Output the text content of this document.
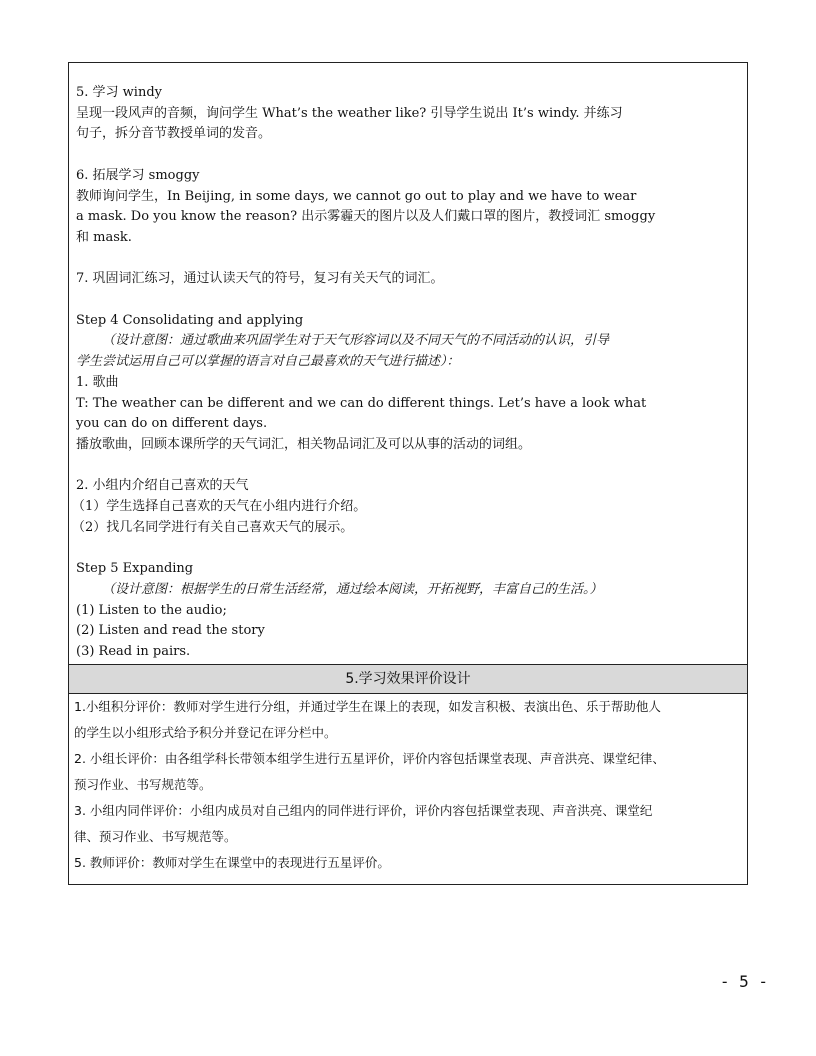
5. 学习 windy
呈现一段风声的音频，询问学生 What’s the weather like? 引导学生说出 It’s windy. 并练习
句子，拆分音节教授单词的发音。
6. 拓展学习 smoggy
教师询问学生，In Beijing, in some days, we cannot go out to play and we have to wear
a mask. Do you know the reason? 出示雾霾天的图片以及人们戴口罩的图片，教授词汇 smoggy
和 mask.
7. 巩固词汇练习，通过认读天气的符号，复习有关天气的词汇。
Step 4 Consolidating and applying
（设计意图：通过歌曲来巩固学生对于天气形容词以及不同天气的不同活动的认识，引导
学生尝试运用自己可以掌握的语言对自己最喜欢的天气进行描述）：
1. 歌曲
T: The weather can be different and we can do different things. Let’s have a look what
you can do on different days.
播放歌曲，回顾本课所学的天气词汇，相关物品词汇及可以从事的活动的词组。
2. 小组内介绍自己喜欢的天气
（1）学生选择自己喜欢的天气在小组内进行介绍。
（2）找几名同学进行有关自己喜欢天气的展示。
Step 5 Expanding
（设计意图：根据学生的日常生活经常，通过绘本阅读，开拓视野，丰富自己的生活。）
(1) Listen to the audio;
(2) Listen and read the story
(3) Read in pairs.
5.学习效果评价设计
1.小组积分评价：教师对学生进行分组，并通过学生在课上的表现，如发言积极、表演出色、乐于帮助他人
的学生以小组形式给予积分并登记在评分栏中。
2. 小组长评价：由各组学科长带领本组学生进行五星评价，评价内容包括课堂表现、声音洪亮、课堂纪律、
预习作业、书写规范等。
3. 小组内同伴评价：小组内成员对自己组内的同伴进行评价，评价内容包括课堂表现、声音洪亮、课堂纪
律、预习作业、书写规范等。
5. 教师评价：教师对学生在课堂中的表现进行五星评价。
- 5 -
